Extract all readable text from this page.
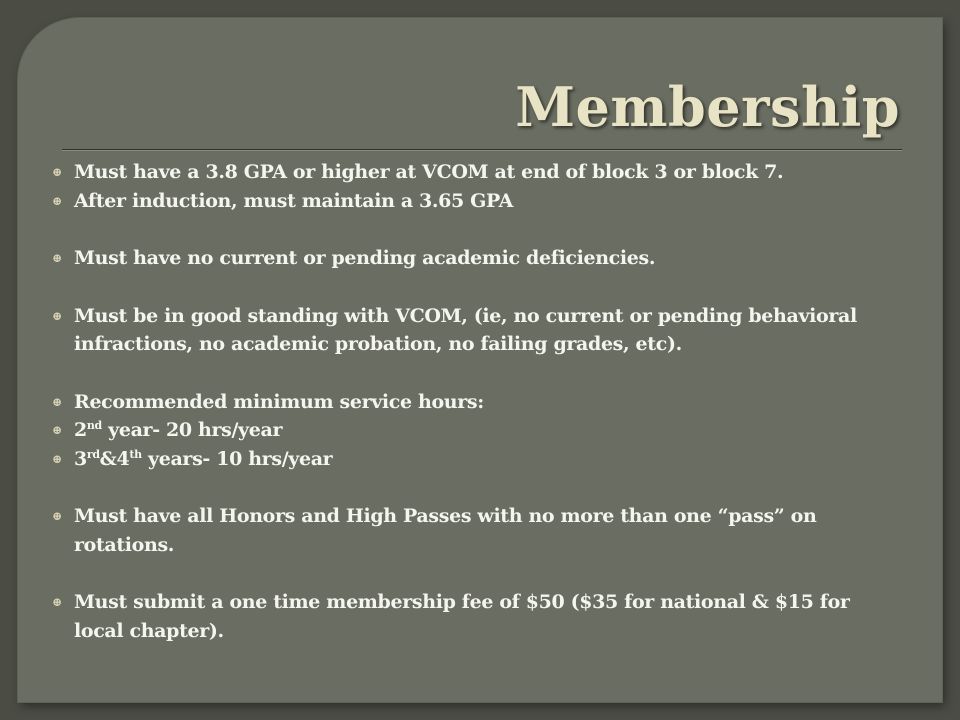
Membership
⊕ Must have a 3.8 GPA or higher at VCOM at end of block 3 or block 7.
⊕ After induction, must maintain a 3.65 GPA
⊕ Must have no current or pending academic deficiencies.
⊕ Must be in good standing with VCOM, (ie, no current or pending behavioral infractions, no academic probation, no failing grades, etc).
⊕ Recommended minimum service hours:
⊕ 2nd year- 20 hrs/year
⊕ 3rd&4th years- 10 hrs/year
⊕ Must have all Honors and High Passes with no more than one “pass” on rotations.
⊕ Must submit a one time membership fee of $50 ($35 for national & $15 for local chapter).
